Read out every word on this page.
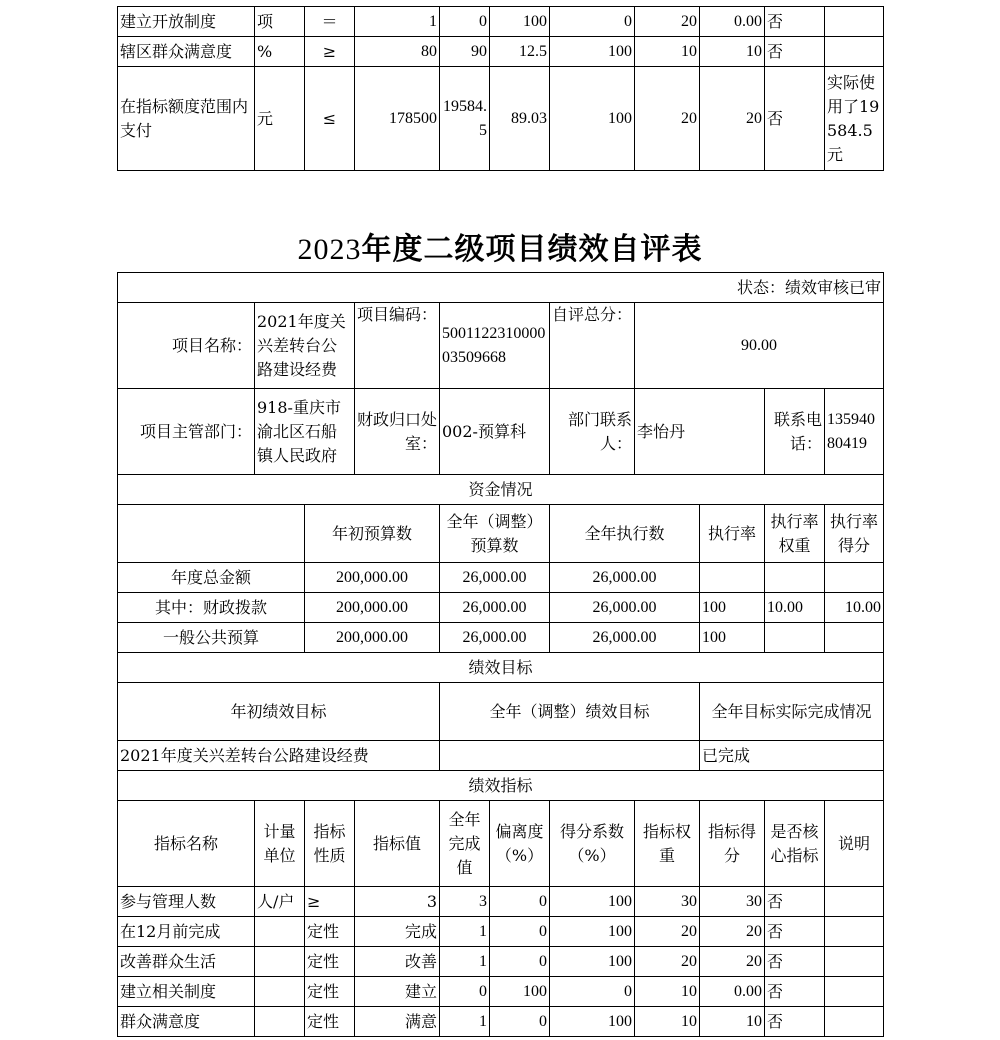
建立开放制度	项	＝	1	0	100	0	20	0.00	否	
辖区群众满意度	%	≥	80	90	12.5	100	10	10	否	
在指标额度范围内支付	元	≤	178500	19584.5	89.03	100	20	20	否	实际使用了19584.5元
2023年度二级项目绩效自评表
状态：绩效审核已审										
项目名称：	2021年度关兴差转台公路建设经费		项目编码：	500112231000003509668		自评总分：	90.00			
项目主管部门：	918-重庆市渝北区石船镇人民政府		财政归口处室：	002-预算科		部门联系人：	李怡丹		联系电话：	13594080419
资金情况										
		年初预算数		全年（调整）预算数		全年执行数		执行率	执行率权重	执行率得分
年度总金额		200,000.00		26,000.00		26,000.00				
其中：财政拨款		200,000.00		26,000.00		26,000.00		100	10.00	10.00
一般公共预算		200,000.00		26,000.00		26,000.00		100		
绩效目标										
年初绩效目标				全年（调整）绩效目标				全年目标实际完成情况		
2021年度关兴差转台公路建设经费								已完成		
绩效指标										
指标名称	计量单位	指标性质	指标值	全年完成值	偏离度（%）	得分系数（%）	指标权重	指标得分	是否核心指标	说明
参与管理人数	人/户	≥	3	3	0	100	30	30	否	
在12月前完成		定性	完成	1	0	100	20	20	否	
改善群众生活		定性	改善	1	0	100	20	20	否	
建立相关制度		定性	建立	0	100	0	10	0.00	否	
群众满意度		定性	满意	1	0	100	10	10	否	
